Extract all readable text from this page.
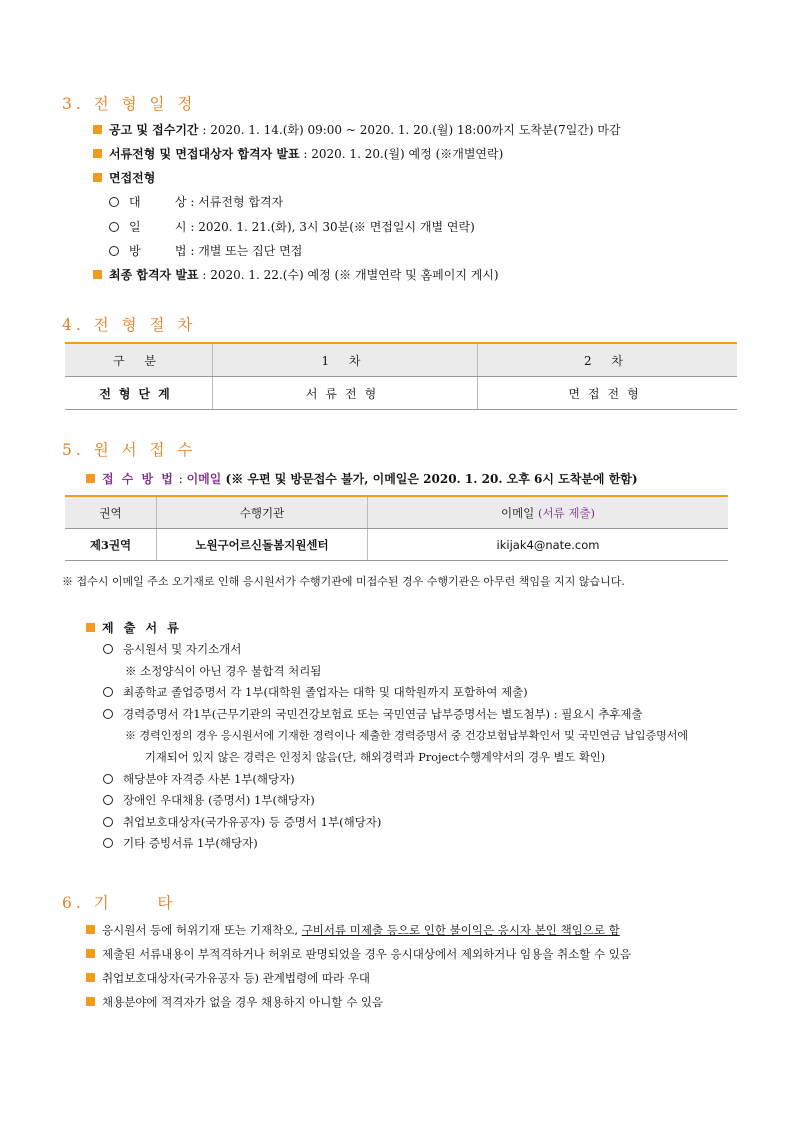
3. 전 형 일 정
공고 및 접수기간 : 2020. 1. 14.(화) 09:00 ~ 2020. 1. 20.(월) 18:00까지 도착분(7일간) 마감
서류전형 및 면접대상자 합격자 발표 : 2020. 1. 20.(월) 예정 (※개별연락)
면접전형
대         상 : 서류전형 합격자
일         시 : 2020. 1. 21.(화), 3시 30분(※ 면접일시 개별 연락)
방         법 : 개별 또는 집단 면접
최종 합격자 발표 : 2020. 1. 22.(수) 예정 (※ 개별연락 및 홈페이지 게시)
4. 전 형 절 차
구 분	1 차	2 차
전형단계	서류전형	면접전형
5. 원 서 접 수
접 수 방 법 : 이메일 (※ 우편 및 방문접수 불가, 이메일은 2020. 1. 20. 오후 6시 도착분에 한함)
권역	수행기관	이메일 (서류 제출)
제3권역	노원구어르신돌봄지원센터	ikijak4@nate.com
※ 접수시 이메일 주소 오기재로 인해 응시원서가 수행기관에 미접수된 경우 수행기관은 아무런 책임을 지지 않습니다.
제 출 서 류
응시원서 및 자기소개서
※ 소정양식이 아닌 경우 불합격 처리됨
최종학교 졸업증명서 각 1부(대학원 졸업자는 대학 및 대학원까지 포함하여 제출)
경력증명서 각1부(근무기관의 국민건강보험료 또는 국민연금 납부증명서는 별도첨부) : 필요시 추후제출
※ 경력인정의 경우 응시원서에 기재한 경력이나 제출한 경력증명서 중 건강보험납부확인서 및 국민연금 납입증명서에
기재되어 있지 않은 경력은 인정치 않음(단, 해외경력과 Project수행계약서의 경우 별도 확인)
해당분야 자격증 사본 1부(해당자)
장애인 우대채용 (증명서) 1부(해당자)
취업보호대상자(국가유공자) 등 증명서 1부(해당자)
기타 증빙서류 1부(해당자)
6. 기     타
응시원서 등에 허위기재 또는 기재착오, 구비서류 미제출 등으로 인한 불이익은 응시자 본인 책임으로 함
제출된 서류내용이 부적격하거나 허위로 판명되었을 경우 응시대상에서 제외하거나 임용을 취소할 수 있음
취업보호대상자(국가유공자 등) 관계법령에 따라 우대
채용분야에 적격자가 없을 경우 채용하지 아니할 수 있음
